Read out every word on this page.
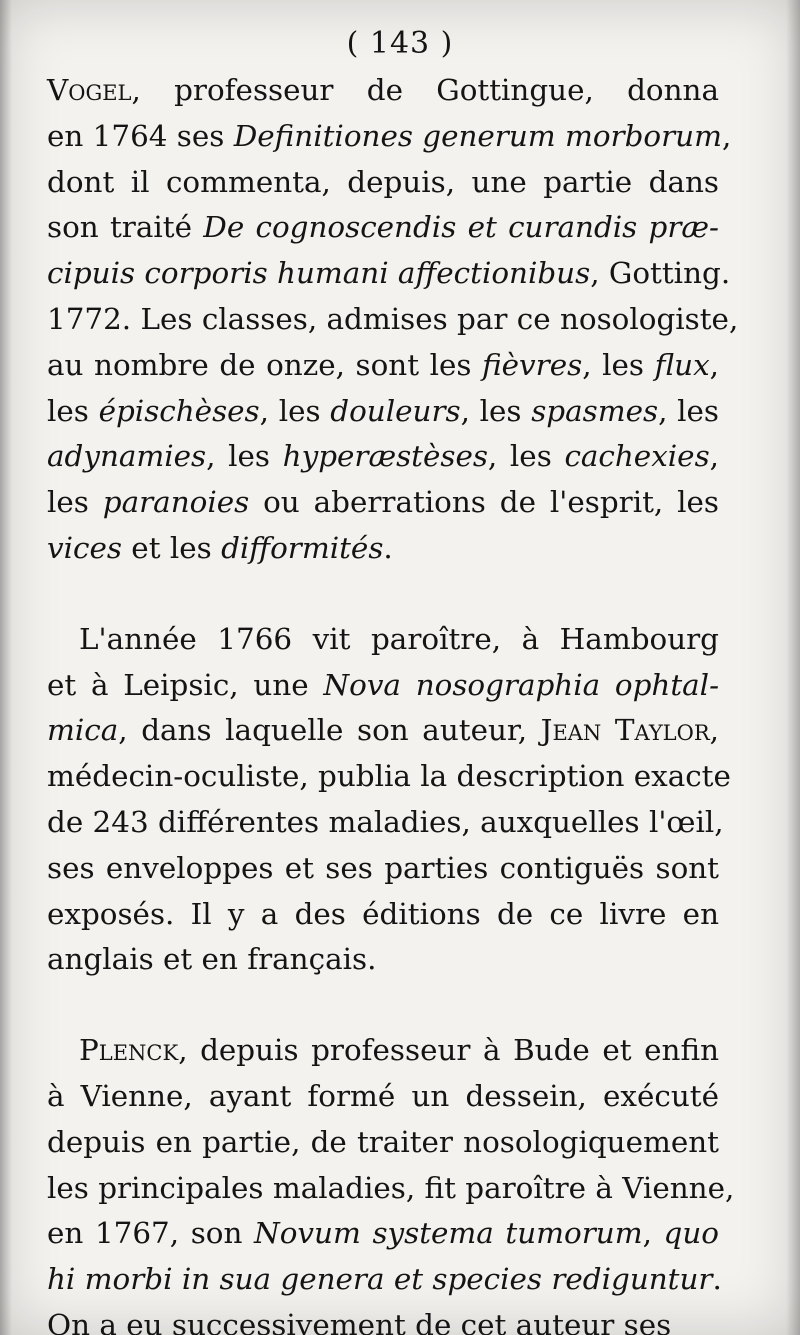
( 143 )
Vogel, professeur de Gottingue, donna
en 1764 ses Definitiones generum morborum,
dont il commenta, depuis, une partie dans
son traité De cognoscendis et curandis præ-
cipuis corporis humani affectionibus, Gotting.
1772. Les classes, admises par ce nosologiste,
au nombre de onze, sont les fièvres, les flux,
les épischèses, les douleurs, les spasmes, les
adynamies, les hyperæstèses, les cachexies,
les paranoies ou aberrations de l'esprit, les
vices et les difformités.
L'année 1766 vit paroître, à Hambourg
et à Leipsic, une Nova nosographia ophtal-
mica, dans laquelle son auteur, Jean Taylor,
médecin-oculiste, publia la description exacte
de 243 différentes maladies, auxquelles l'œil,
ses enveloppes et ses parties contiguës sont
exposés. Il y a des éditions de ce livre en
anglais et en français.
Plenck, depuis professeur à Bude et enfin
à Vienne, ayant formé un dessein, exécuté
depuis en partie, de traiter nosologiquement
les principales maladies, fit paroître à Vienne,
en 1767, son Novum systema tumorum, quo
hi morbi in sua genera et species rediguntur.
On a eu successivement de cet auteur ses
